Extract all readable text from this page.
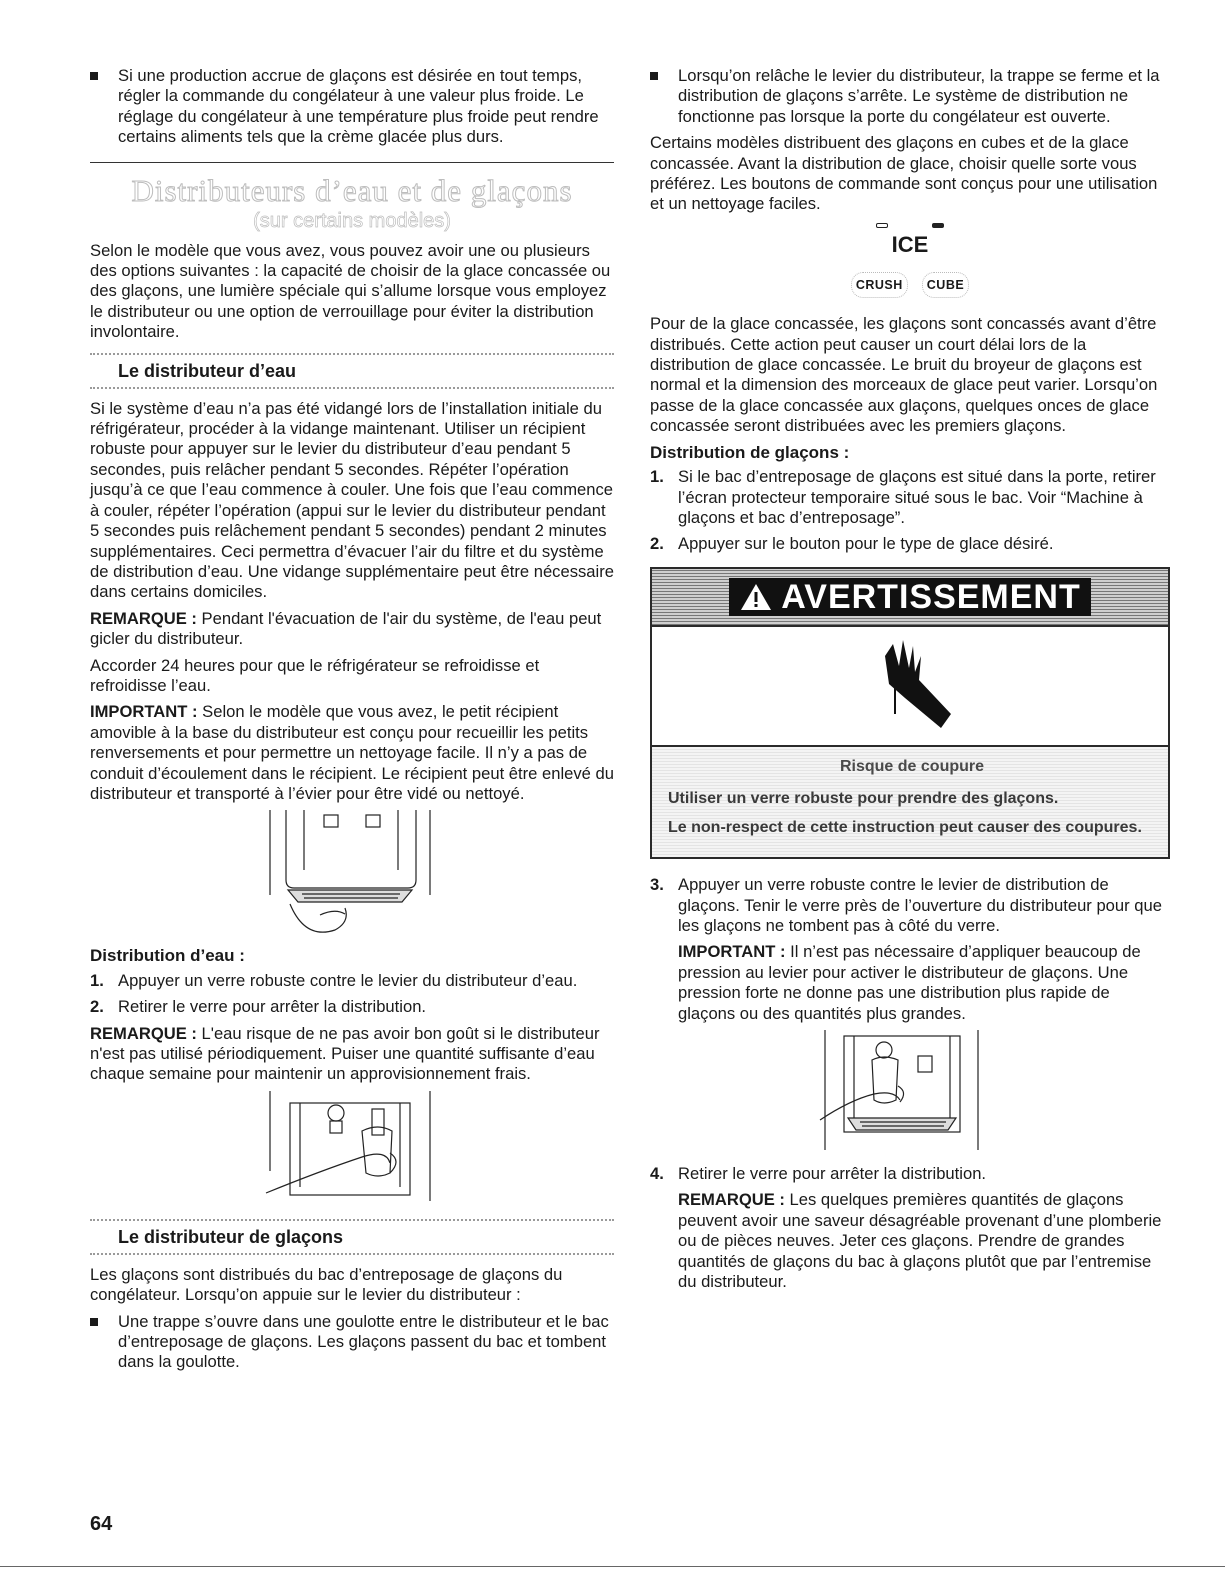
Si une production accrue de glaçons est désirée en tout temps, régler la commande du congélateur à une valeur plus froide. Le réglage du congélateur à une température plus froide peut rendre certains aliments tels que la crème glacée plus durs.
Distributeurs d’eau et de glaçons
(sur certains modèles)

Selon le modèle que vous avez, vous pouvez avoir une ou plusieurs des options suivantes : la capacité de choisir de la glace concassée ou des glaçons, une lumière spéciale qui s’allume lorsque vous employez le distributeur ou une option de verrouillage pour éviter la distribution involontaire.

Le distributeur d’eau

Si le système d’eau n’a pas été vidangé lors de l’installation initiale du réfrigérateur, procéder à la vidange maintenant. Utiliser un récipient robuste pour appuyer sur le levier du distributeur d’eau pendant 5 secondes, puis relâcher pendant 5 secondes. Répéter l’opération jusqu’à ce que l’eau commence à couler. Une fois que l’eau commence à couler, répéter l’opération (appui sur le levier du distributeur pendant 5 secondes puis relâchement pendant 5 secondes) pendant 2 minutes supplémentaires. Ceci permettra d’évacuer l’air du filtre et du système de distribution d’eau. Une vidange supplémentaire peut être nécessaire dans certains domiciles.

REMARQUE : Pendant l'évacuation de l'air du système, de l'eau peut gicler du distributeur.

Accorder 24 heures pour que le réfrigérateur se refroidisse et refroidisse l’eau.

IMPORTANT : Selon le modèle que vous avez, le petit récipient amovible à la base du distributeur est conçu pour recueillir les petits renversements et pour permettre un nettoyage facile. Il n’y a pas de conduit d’écoulement dans le récipient. Le récipient peut être enlevé du distributeur et transporté à l’évier pour être vidé ou nettoyé.

Distribution d’eau :
1. Appuyer un verre robuste contre le levier du distributeur d’eau.
2. Retirer le verre pour arrêter la distribution.

REMARQUE : L'eau risque de ne pas avoir bon goût si le distributeur n'est pas utilisé périodiquement. Puiser une quantité suffisante d’eau chaque semaine pour maintenir un approvisionnement frais.

Le distributeur de glaçons

Les glaçons sont distribués du bac d’entreposage de glaçons du congélateur. Lorsqu’on appuie sur le levier du distributeur :

Une trappe s’ouvre dans une goulotte entre le distributeur et le bac d’entreposage de glaçons. Les glaçons passent du bac et tombent dans la goulotte.
Lorsqu’on relâche le levier du distributeur, la trappe se ferme et la distribution de glaçons s’arrête. Le système de distribution ne fonctionne pas lorsque la porte du congélateur est ouverte.

Certains modèles distribuent des glaçons en cubes et de la glace concassée. Avant la distribution de glace, choisir quelle sorte vous préférez. Les boutons de commande sont conçus pour une utilisation et un nettoyage faciles.

ICE
CRUSH	CUBE

Pour de la glace concassée, les glaçons sont concassés avant d’être distribués. Cette action peut causer un court délai lors de la distribution de glace concassée. Le bruit du broyeur de glaçons est normal et la dimension des morceaux de glace peut varier. Lorsqu’on passe de la glace concassée aux glaçons, quelques onces de glace concassée seront distribuées avec les premiers glaçons.

Distribution de glaçons :
1. Si le bac d’entreposage de glaçons est situé dans la porte, retirer l’écran protecteur temporaire situé sous le bac. Voir “Machine à glaçons et bac d’entreposage”.
2. Appuyer sur le bouton pour le type de glace désiré.
AVERTISSEMENT
Risque de coupure
Utiliser un verre robuste pour prendre des glaçons.
Le non-respect de cette instruction peut causer des coupures.
3. Appuyer un verre robuste contre le levier de distribution de glaçons. Tenir le verre près de l’ouverture du distributeur pour que les glaçons ne tombent pas à côté du verre.

IMPORTANT : Il n’est pas nécessaire d’appliquer beaucoup de pression au levier pour activer le distributeur de glaçons. Une pression forte ne donne pas une distribution plus rapide de glaçons ou des quantités plus grandes.

4. Retirer le verre pour arrêter la distribution.

REMARQUE : Les quelques premières quantités de glaçons peuvent avoir une saveur désagréable provenant d’une plomberie ou de pièces neuves. Jeter ces glaçons. Prendre de grandes quantités de glaçons du bac à glaçons plutôt que par l’entremise du distributeur.

64
